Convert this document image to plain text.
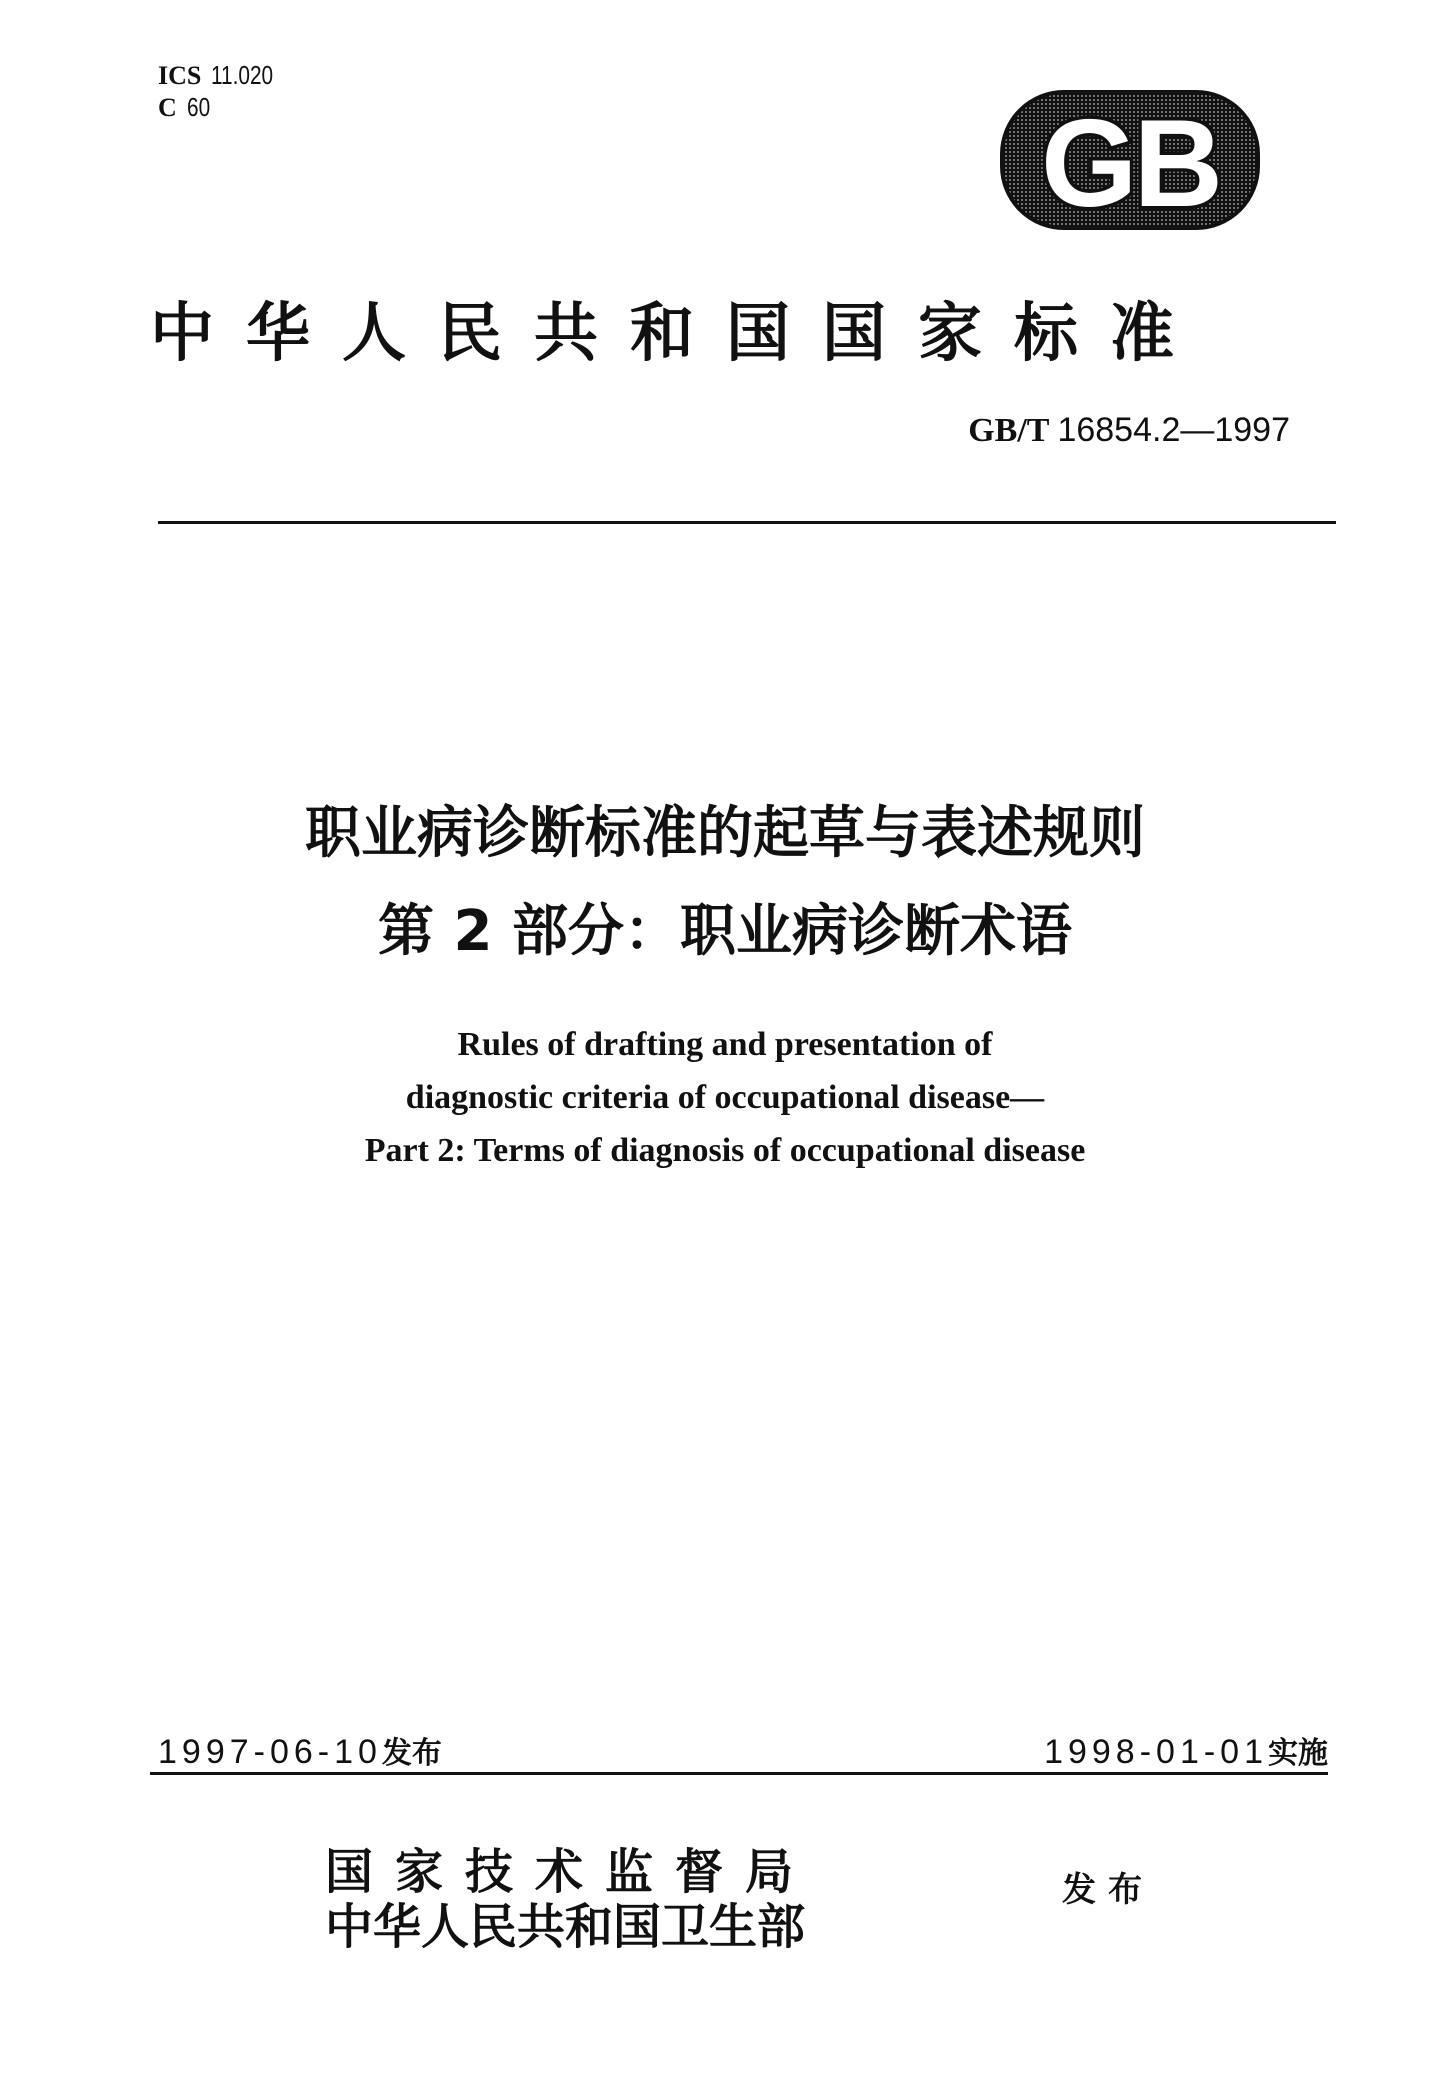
ICS 11.020
C 60	GB
中华人民共和国国家标准
GB/T 16854.2—1997
职业病诊断标准的起草与表述规则
第 2 部分：职业病诊断术语
Rules of drafting and presentation of
diagnostic criteria of occupational disease—
Part 2: Terms of diagnosis of occupational disease
1997-06-10发布	1998-01-01实施
国家技术监督局
中华人民共和国卫生部
发布
